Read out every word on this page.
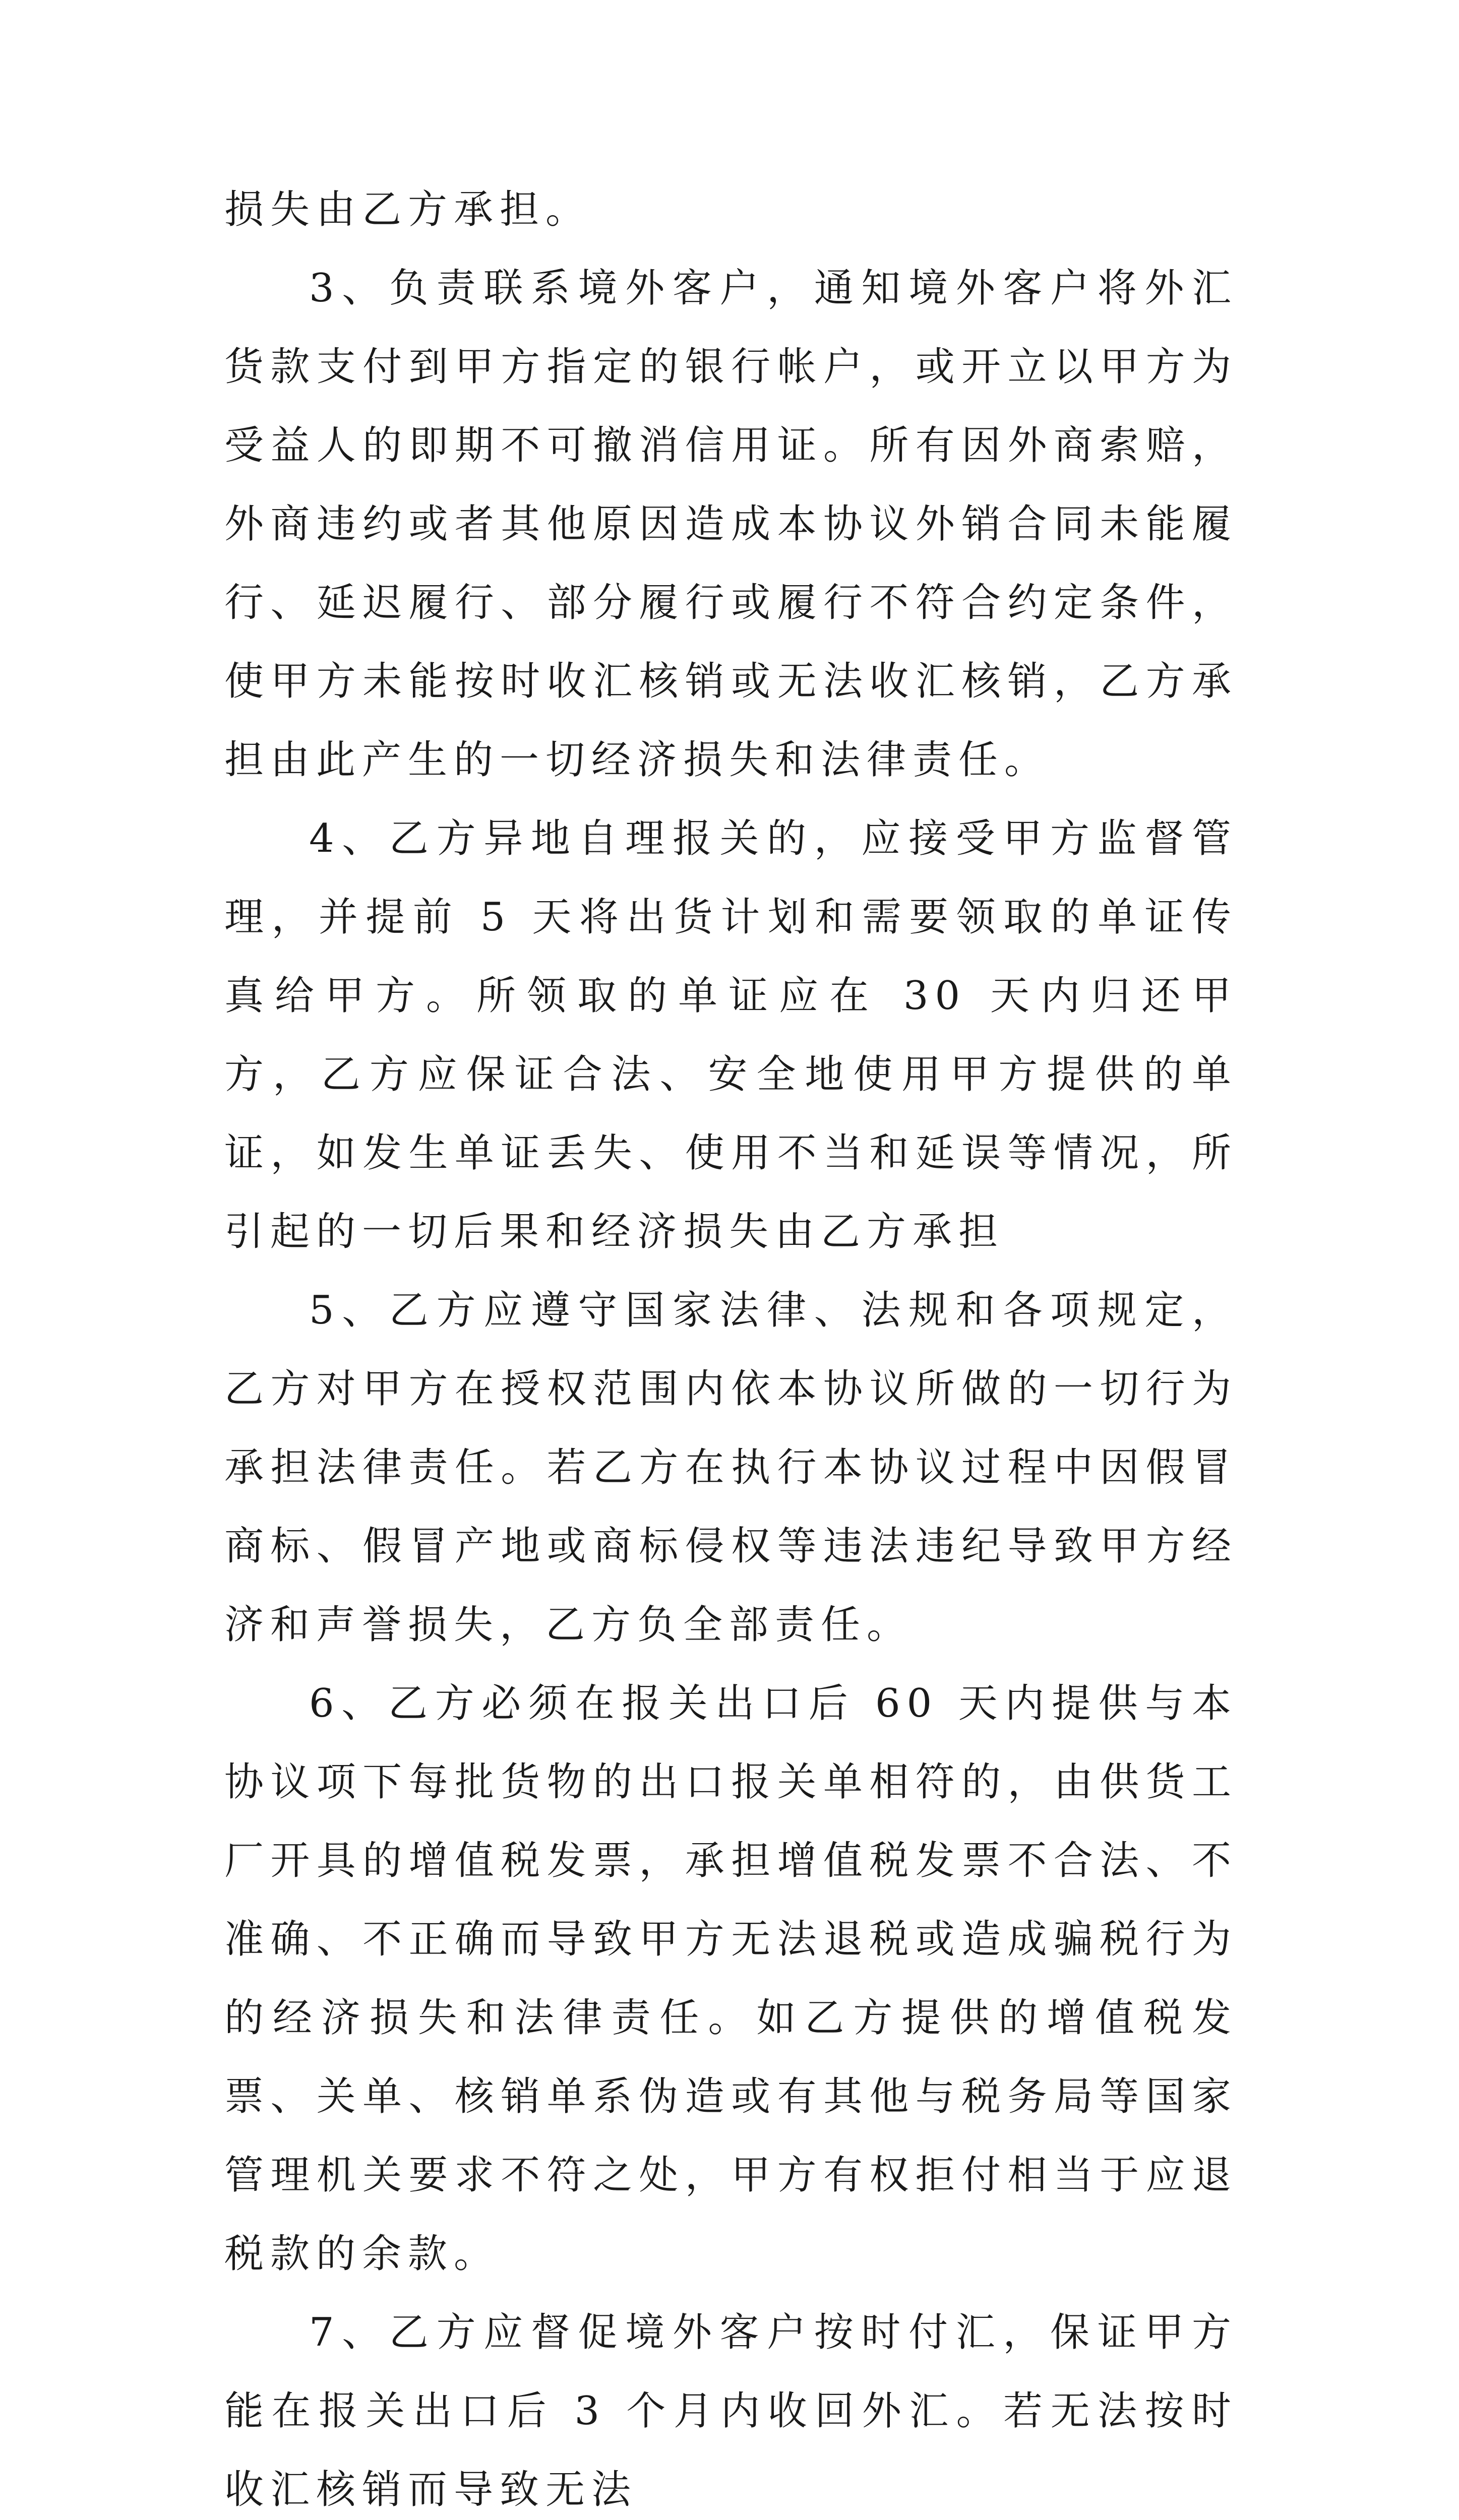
损失由乙方承担。

3、负责联系境外客户，通知境外客户将外汇货款支付到甲方指定的银行帐户，或开立以甲方为受益人的即期不可撤消信用证。所有因外商索赔，外商违约或者其他原因造成本协议外销合同未能履行、延迟履行、部分履行或履行不符合约定条件，使甲方未能按时收汇核销或无法收汇核销，乙方承担由此产生的一切经济损失和法律责任。

4、乙方异地自理报关的，应接受甲方监督管理，并提前 5 天将出货计划和需要领取的单证传真给甲方。所领取的单证应在 30 天内归还甲方，乙方应保证合法、安全地使用甲方提供的单证，如发生单证丢失、使用不当和延误等情况，所引起的一切后果和经济损失由乙方承担

5、乙方应遵守国家法律、法规和各项规定，乙方对甲方在授权范围内依本协议所做的一切行为承担法律责任。若乙方在执行本协议过程中因假冒商标、假冒产地或商标侵权等违法违纪导致甲方经济和声誉损失，乙方负全部责任。

6、乙方必须在报关出口后 60 天内提供与本协议项下每批货物的出口报关单相符的，由供货工厂开具的增值税发票，承担增值税发票不合法、不准确、不正确而导致甲方无法退税或造成骗税行为的经济损失和法律责任。如乙方提供的增值税发票、关单、核销单系伪造或有其他与税务局等国家管理机关要求不符之处，甲方有权拒付相当于应退税款的余款。

7、乙方应督促境外客户按时付汇，保证甲方能在报关出口后 3 个月内收回外汇。若无法按时收汇核销而导致无法
